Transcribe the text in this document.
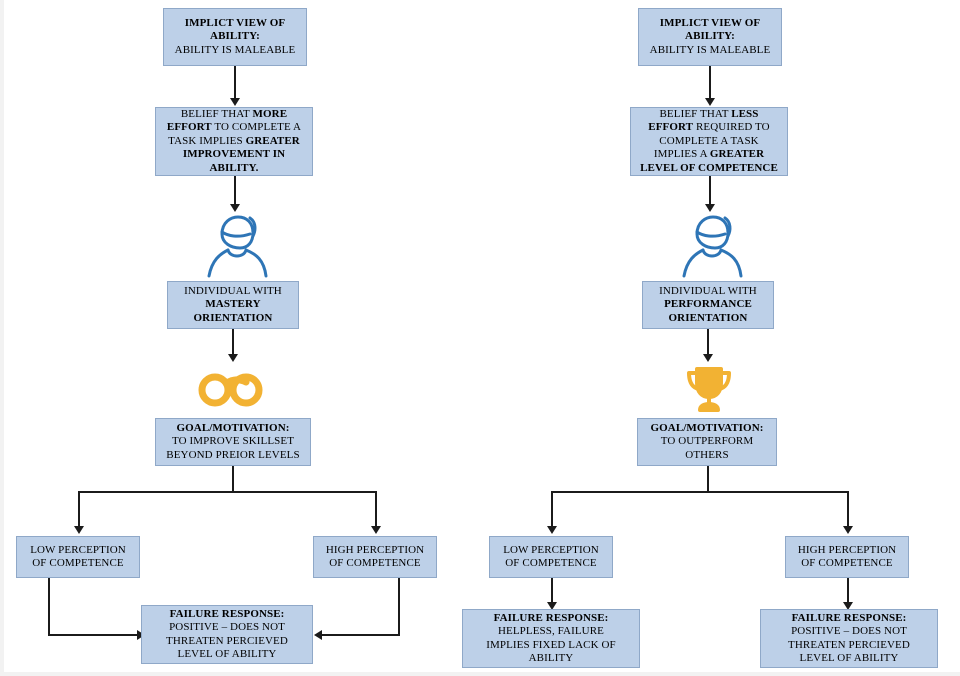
IMPLICT VIEW OF
ABILITY:
ABILITY IS MALEABLE
BELIEF THAT MORE
EFFORT TO COMPLETE A
TASK IMPLIES GREATER
IMPROVEMENT IN
ABILITY.
INDIVIDUAL WITH
MASTERY
ORIENTATION
GOAL/MOTIVATION:
TO IMPROVE SKILLSET
BEYOND PREIOR LEVELS
LOW PERCEPTION
OF COMPETENCE
HIGH PERCEPTION
OF COMPETENCE
FAILURE RESPONSE:
POSITIVE – DOES NOT
THREATEN PERCIEVED
LEVEL OF ABILITY
IMPLICT VIEW OF
ABILITY:
ABILITY IS MALEABLE
BELIEF THAT LESS
EFFORT REQUIRED TO
COMPLETE A TASK
IMPLIES A GREATER
LEVEL OF COMPETENCE
INDIVIDUAL WITH
PERFORMANCE
ORIENTATION
GOAL/MOTIVATION:
TO OUTPERFORM
OTHERS
LOW PERCEPTION
OF COMPETENCE
HIGH PERCEPTION
OF COMPETENCE
FAILURE RESPONSE:
HELPLESS, FAILURE
IMPLIES FIXED LACK OF
ABILITY
FAILURE RESPONSE:
POSITIVE – DOES NOT
THREATEN PERCIEVED
LEVEL OF ABILITY
